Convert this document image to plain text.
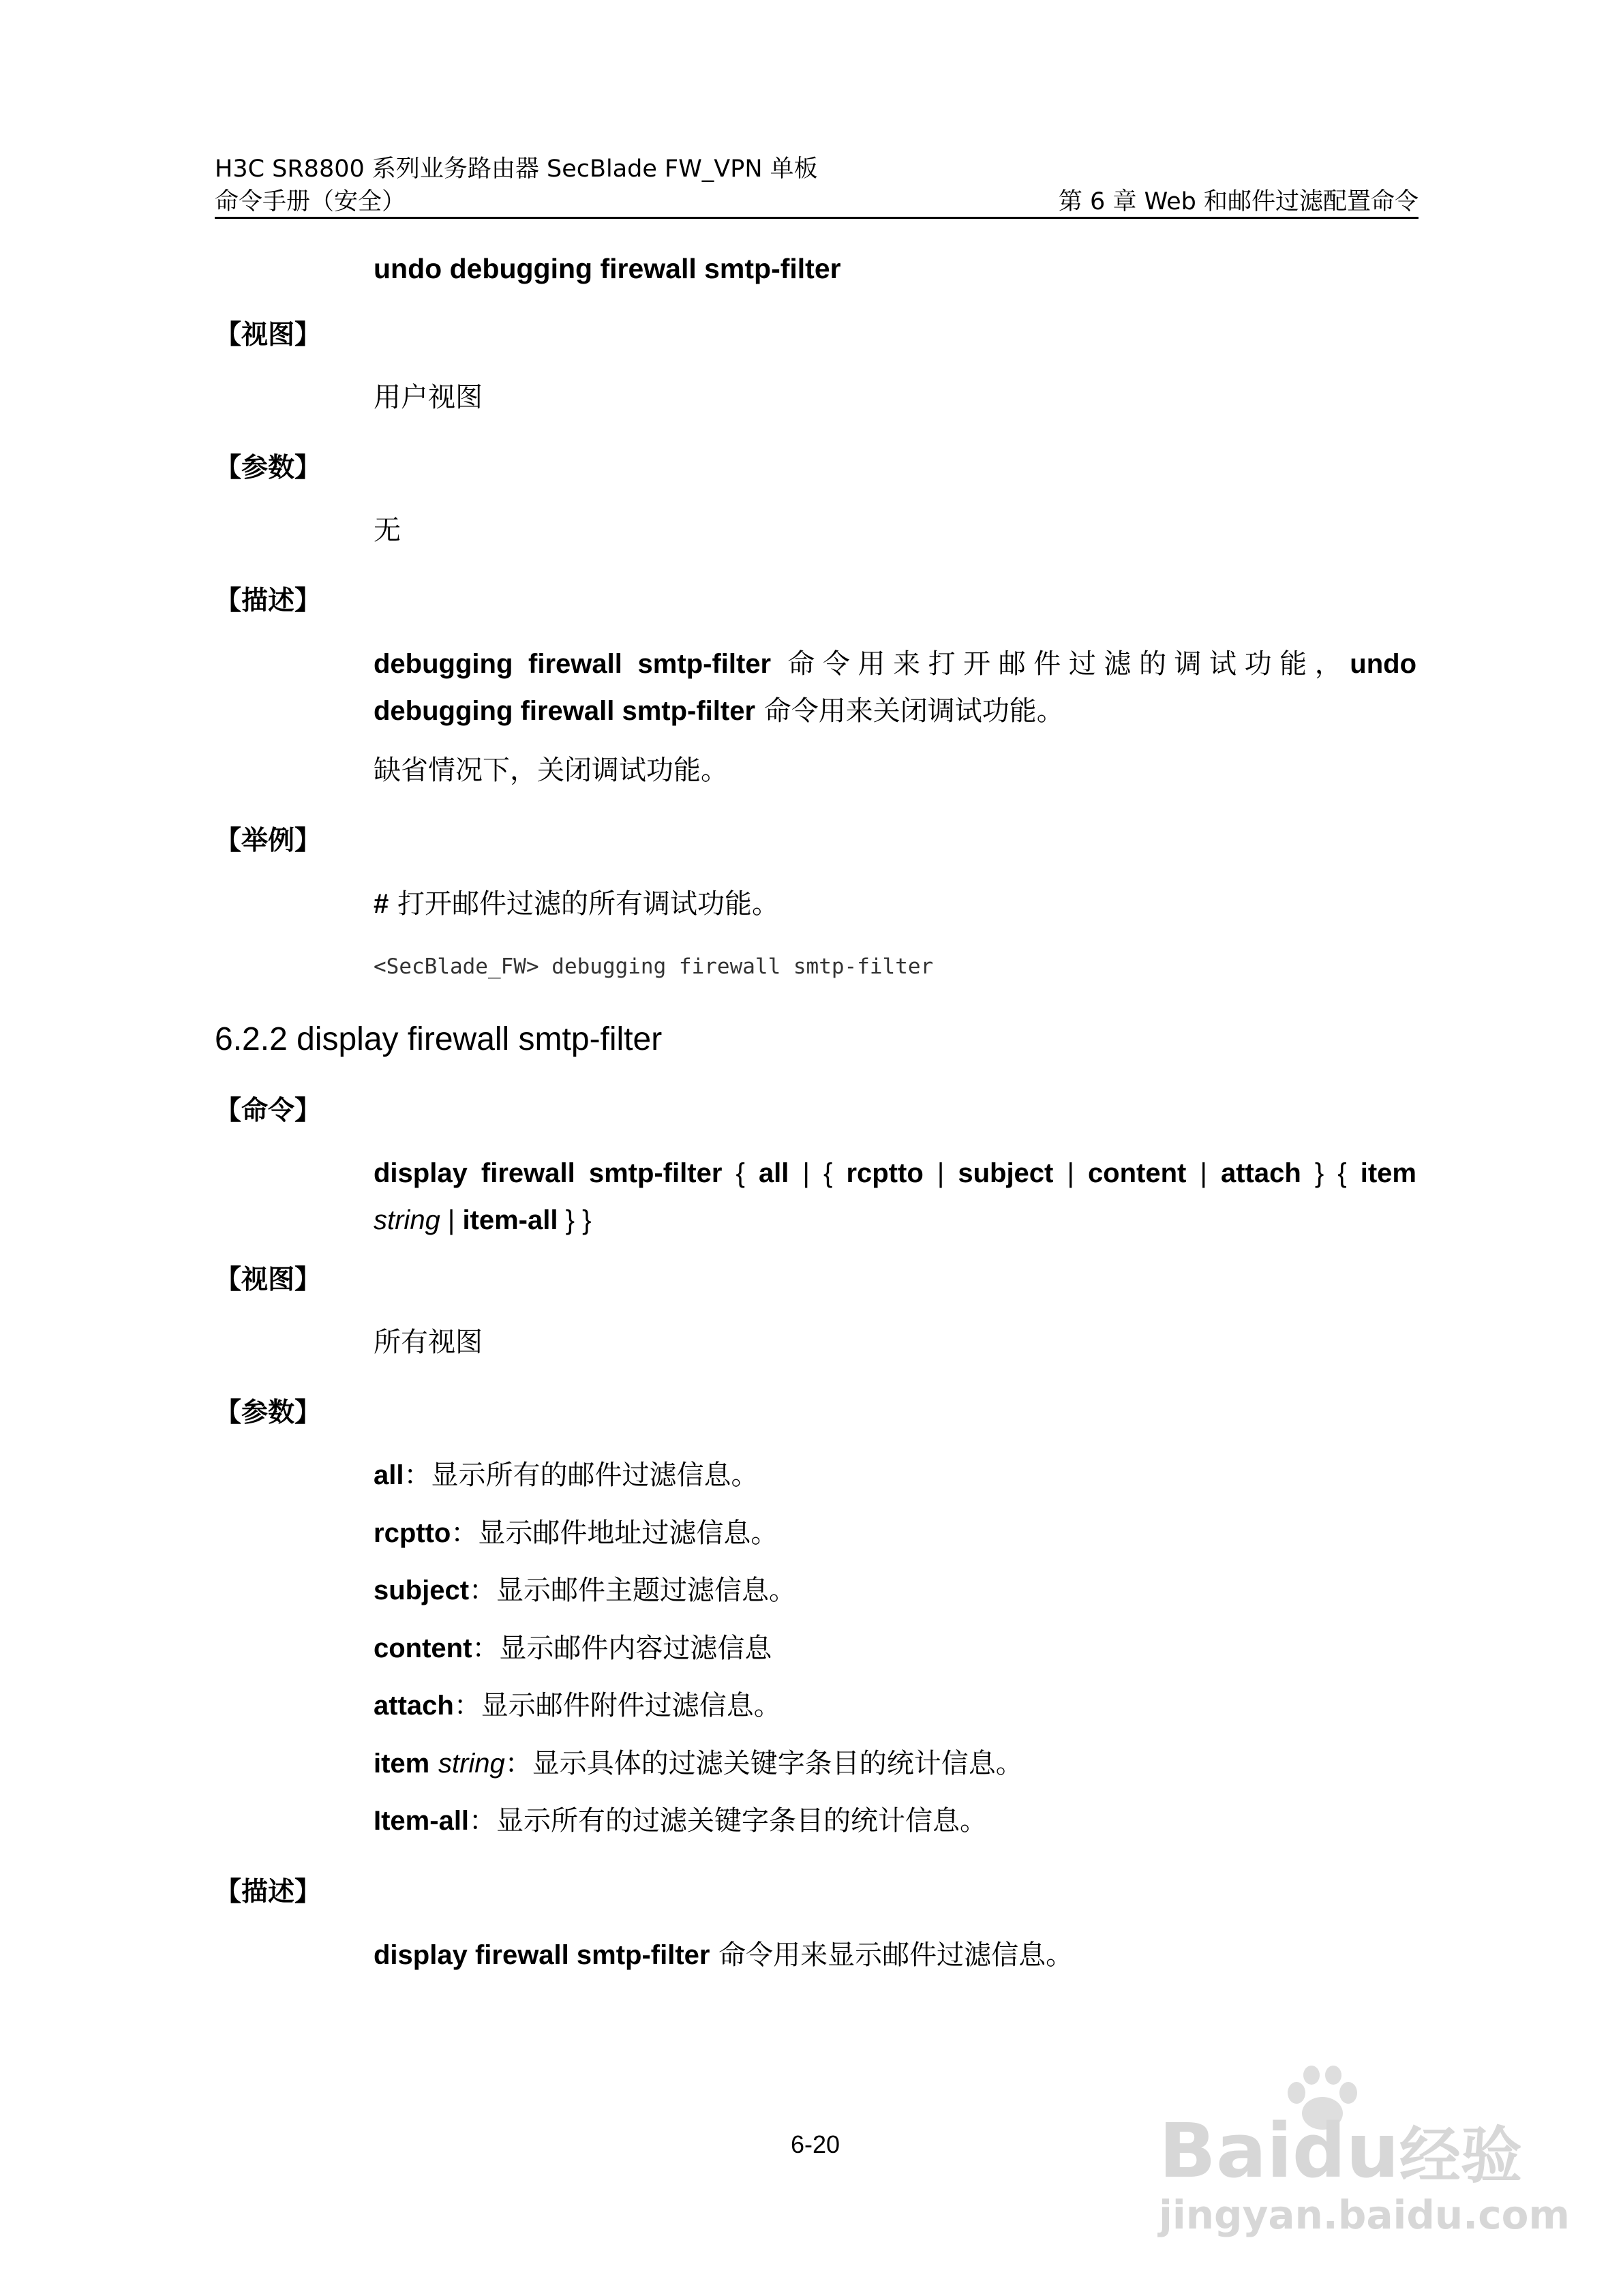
H3C SR8800 系列业务路由器 SecBlade FW_VPN 单板
命令手册（安全）	第 6 章 Web 和邮件过滤配置命令
undo debugging firewall smtp-filter
【视图】
用户视图
【参数】
无
【描述】
debugging firewall smtp-filter 命令用来打开邮件过滤的调试功能，undo
debugging firewall smtp-filter 命令用来关闭调试功能。
缺省情况下，关闭调试功能。
【举例】
# 打开邮件过滤的所有调试功能。
<SecBlade_FW> debugging firewall smtp-filter
6.2.2 display firewall smtp-filter
【命令】
display firewall smtp-filter { all | { rcptto | subject | content | attach } { item
string | item-all } }
【视图】
所有视图
【参数】
all：显示所有的邮件过滤信息。
rcptto：显示邮件地址过滤信息。
subject：显示邮件主题过滤信息。
content：显示邮件内容过滤信息
attach：显示邮件附件过滤信息。
item string：显示具体的过滤关键字条目的统计信息。
Item-all：显示所有的过滤关键字条目的统计信息。
【描述】
display firewall smtp-filter 命令用来显示邮件过滤信息。
6-20	Baidu经验
jingyan.baidu.com
